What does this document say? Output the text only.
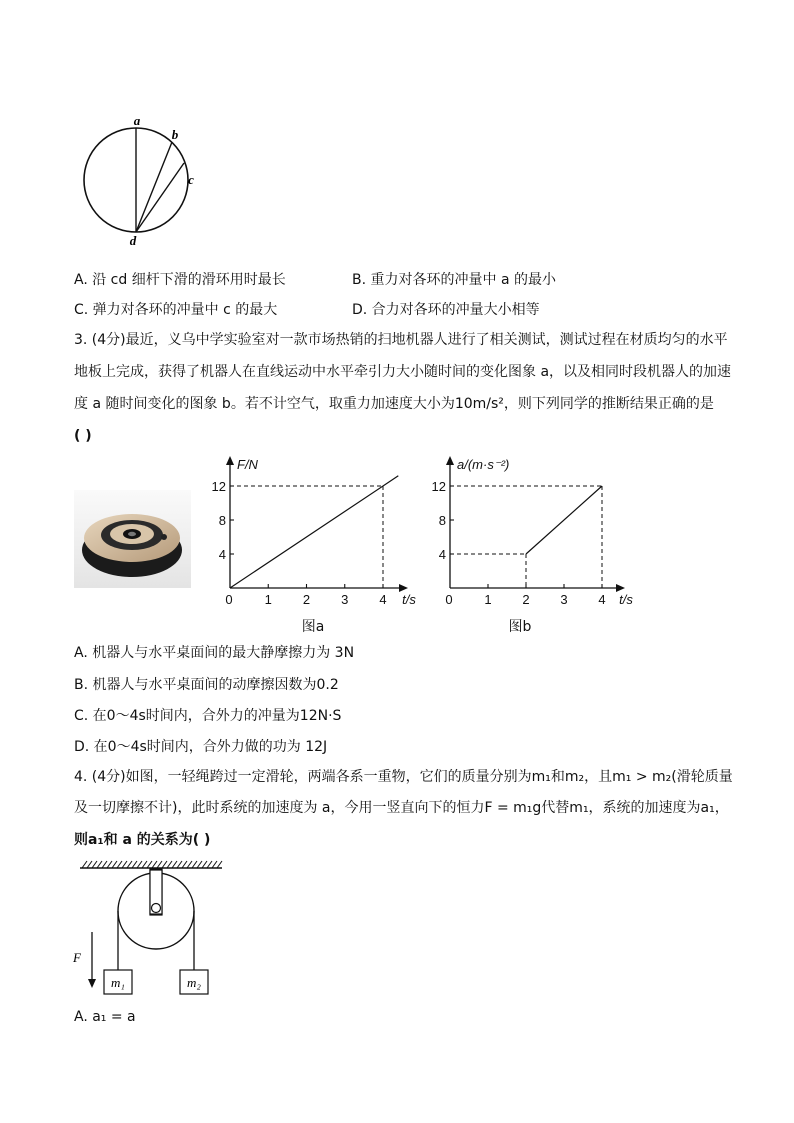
a
b
c
d
A. 沿 cd 细杆下滑的滑环用时最长	B. 重力对各环的冲量中 a 的最小
C. 弹力对各环的冲量中 c 的最大	D. 合力对各环的冲量大小相等
3. (4分)最近，义乌中学实验室对一款市场热销的扫地机器人进行了相关测试，测试过程在材质均匀的水平
地板上完成，获得了机器人在直线运动中水平牵引力大小随时间的变化图象 a，以及相同时段机器人的加速
度 a 随时间变化的图象 b。若不计空气，取重力加速度大小为10m/s²，则下列同学的推断结果正确的是
( )
0 1 2 3 4
4
8
12
F/N
t/s
图a
0 1 2 3 4
4
8
12
a/(m·s⁻²)
t/s
图b
A. 机器人与水平桌面间的最大静摩擦力为 3N
B. 机器人与水平桌面间的动摩擦因数为0.2
C. 在0～4s时间内，合外力的冲量为12N·S
D. 在0～4s时间内，合外力做的功为 12J
4. (4分)如图，一轻绳跨过一定滑轮，两端各系一重物，它们的质量分别为m₁和m₂，且m₁ > m₂(滑轮质量
及一切摩擦不计)，此时系统的加速度为 a，今用一竖直向下的恒力F = m₁g代替m₁，系统的加速度为a₁，
则a₁和 a 的关系为( )
m₁	m₂
F
A. a₁ = a
